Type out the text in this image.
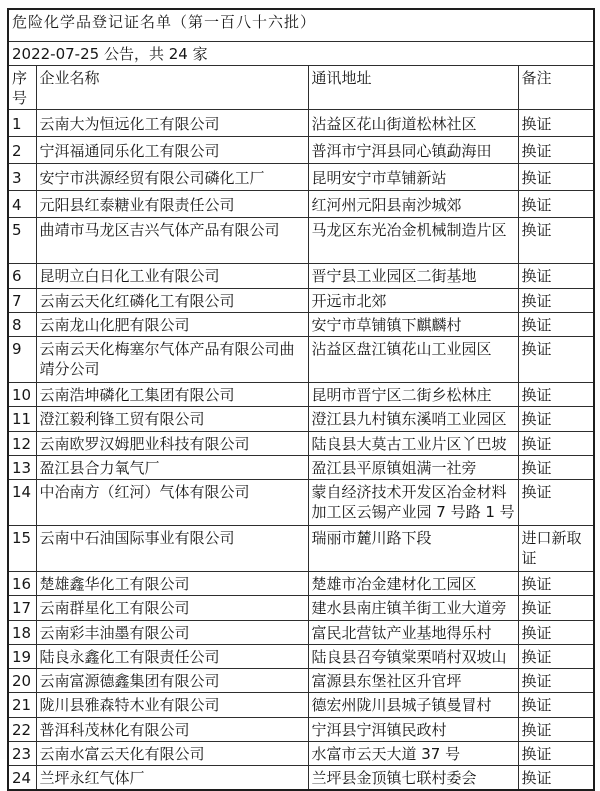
危险化学品登记证名单（第一百八十六批）			
2022-07-25 公告，共 24 家			
序号	企业名称	通讯地址	备注
1	云南大为恒远化工有限公司	沾益区花山街道松林社区	换证
2	宁洱福通同乐化工有限公司	普洱市宁洱县同心镇勐海田	换证
3	安宁市洪源经贸有限公司磷化工厂	昆明安宁市草铺新站	换证
4	元阳县红泰糖业有限责任公司	红河州元阳县南沙城郊	换证
5	曲靖市马龙区吉兴气体产品有限公司	马龙区东光冶金机械制造片区	换证
6	昆明立白日化工业有限公司	晋宁县工业园区二街基地	换证
7	云南云天化红磷化工有限公司	开远市北郊	换证
8	云南龙山化肥有限公司	安宁市草铺镇下麒麟村	换证
9	云南云天化梅塞尔气体产品有限公司曲靖分公司	沾益区盘江镇花山工业园区	换证
10	云南浩坤磷化工集团有限公司	昆明市晋宁区二街乡松林庄	换证
11	澄江毅利锋工贸有限公司	澄江县九村镇东溪哨工业园区	换证
12	云南欧罗汉姆肥业科技有限公司	陆良县大莫古工业片区丫巴坡	换证
13	盈江县合力氧气厂	盈江县平原镇姐满一社旁	换证
14	中冶南方（红河）气体有限公司	蒙自经济技术开发区冶金材料加工区云锡产业园 7 号路 1 号	换证
15	云南中石油国际事业有限公司	瑞丽市麓川路下段	进口新取证
16	楚雄鑫华化工有限公司	楚雄市冶金建材化工园区	换证
17	云南群星化工有限公司	建水县南庄镇羊街工业大道旁	换证
18	云南彩丰油墨有限公司	富民北营钛产业基地得乐村	换证
19	陆良永鑫化工有限责任公司	陆良县召夸镇棠栗哨村双坡山	换证
20	云南富源德鑫集团有限公司	富源县东堡社区升官坪	换证
21	陇川县雅森特木业有限公司	德宏州陇川县城子镇曼冒村	换证
22	普洱科茂林化有限公司	宁洱县宁洱镇民政村	换证
23	云南水富云天化有限公司	水富市云天大道 37 号	换证
24	兰坪永红气体厂	兰坪县金顶镇七联村委会	换证
